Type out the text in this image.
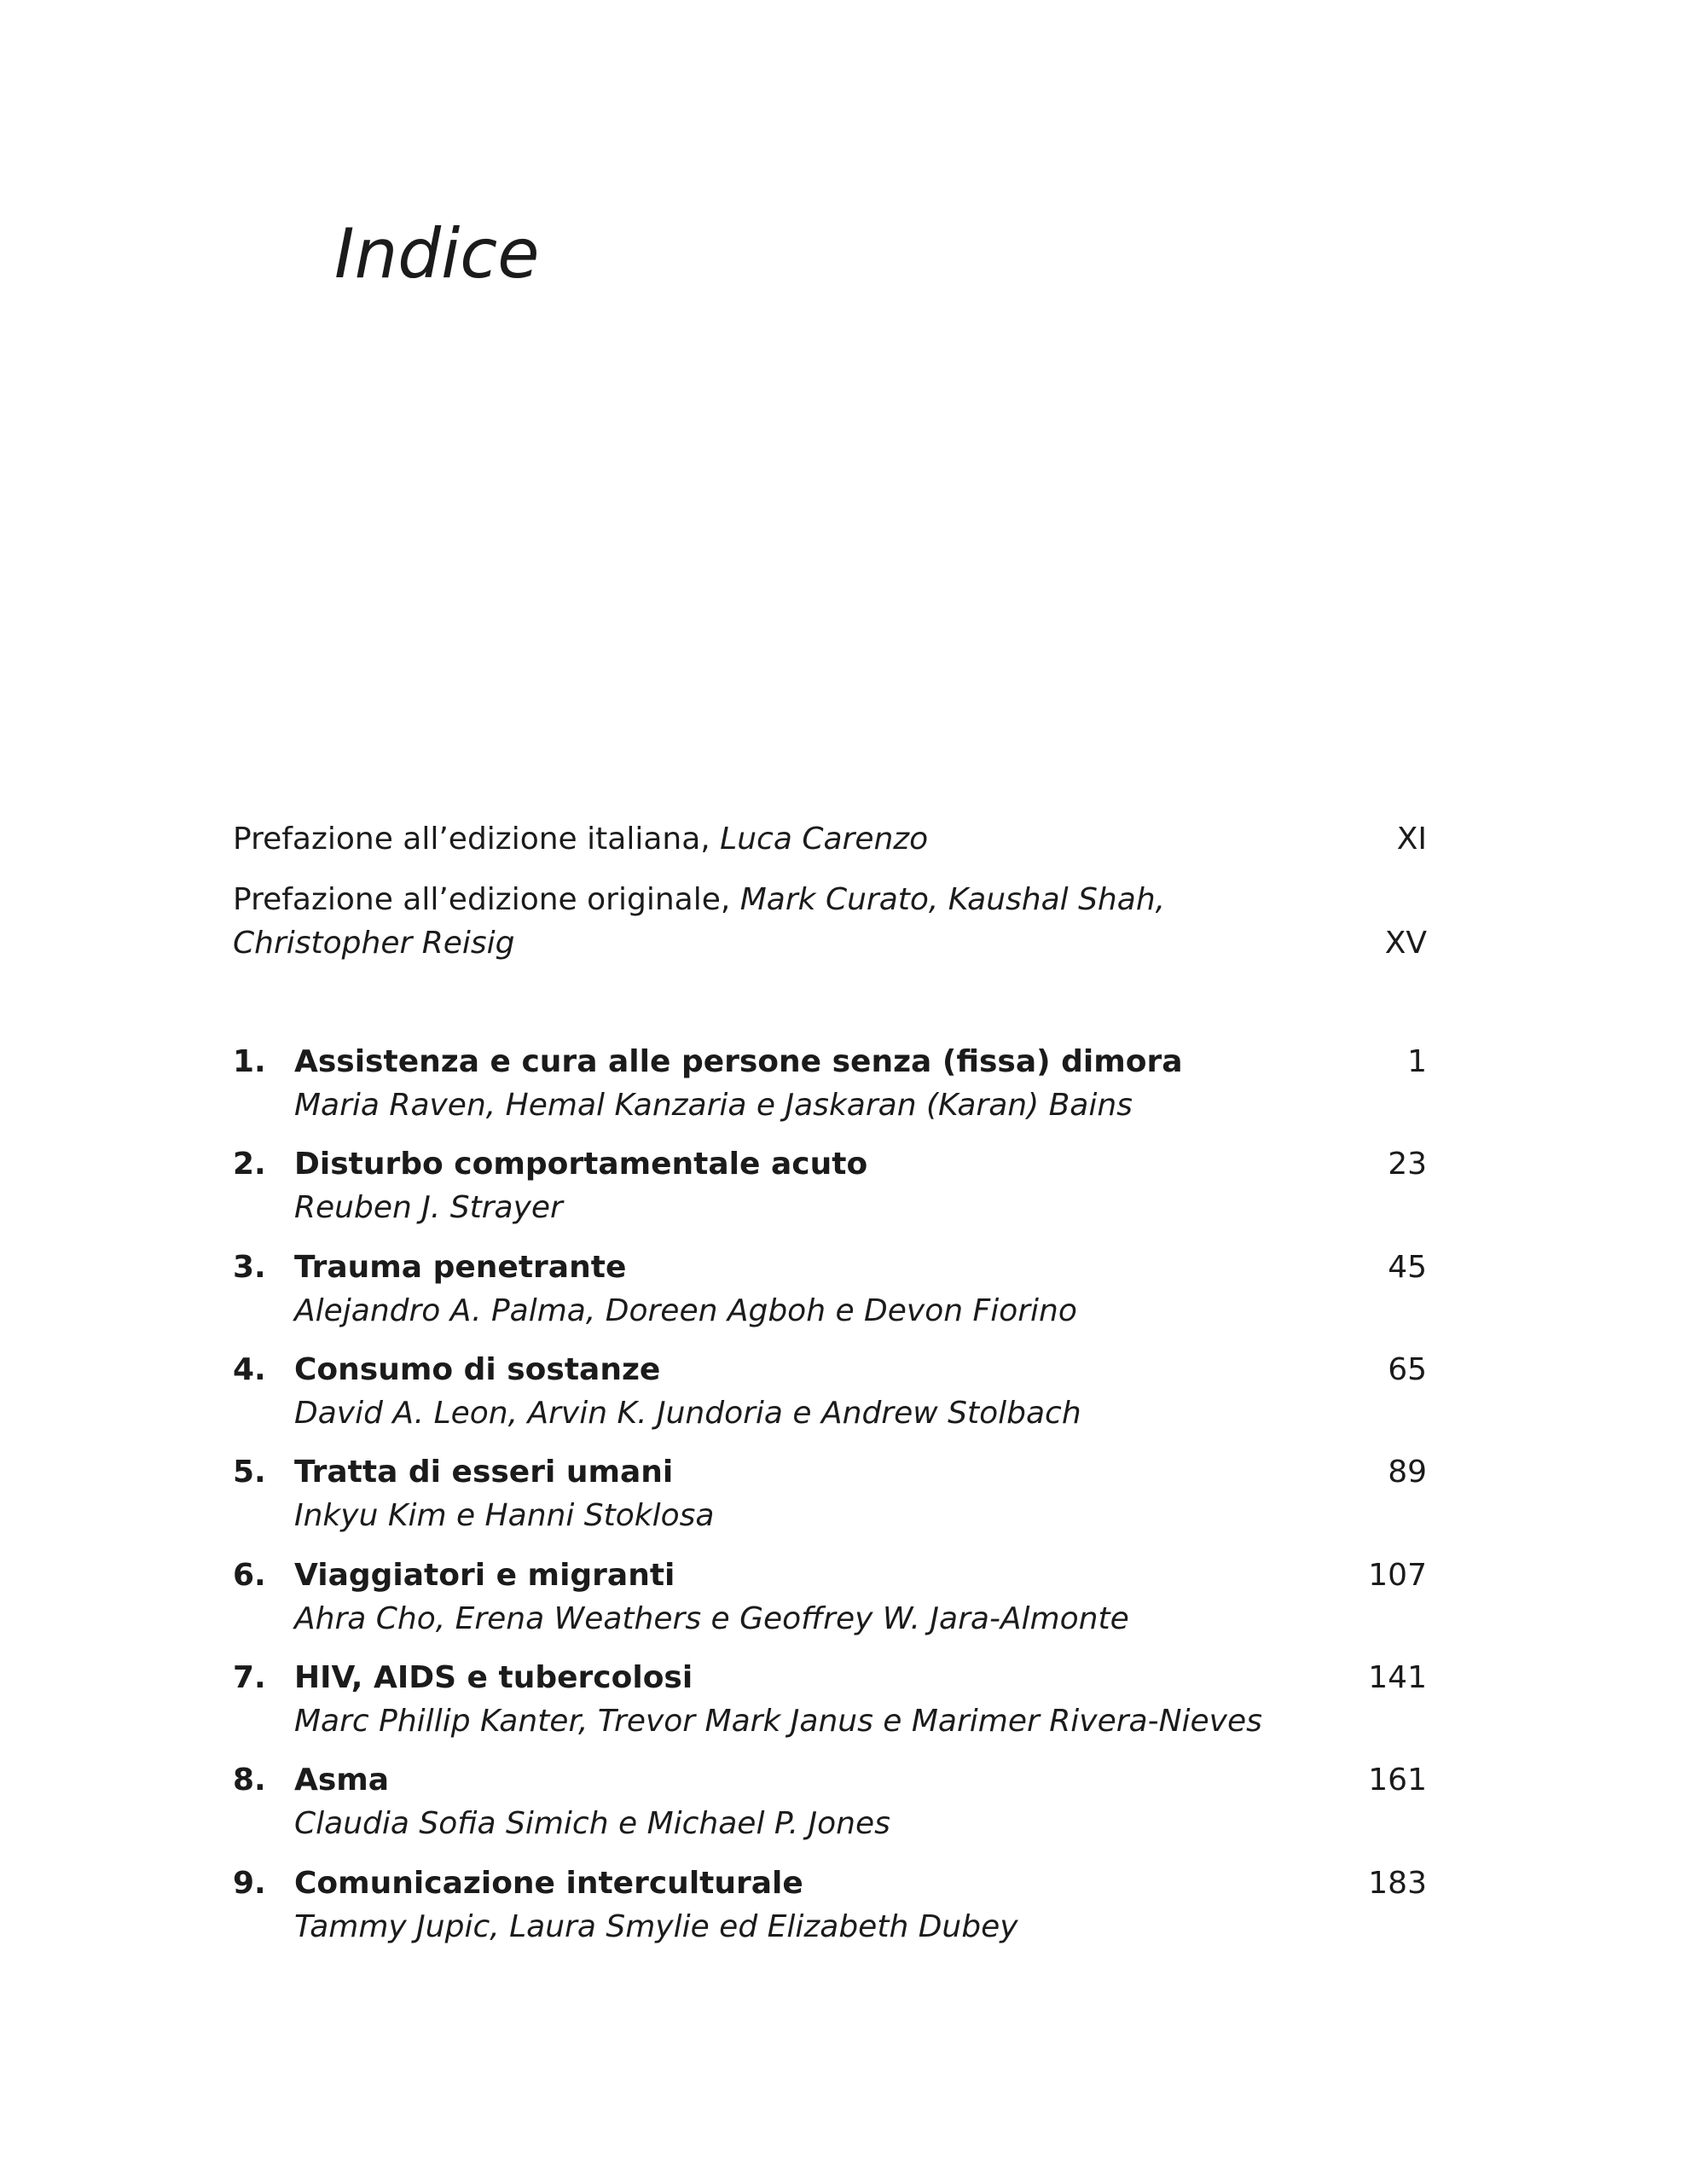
Indice
Prefazione all’edizione italiana, Luca Carenzo	XI
Prefazione all’edizione originale, Mark Curato, Kaushal Shah,
Christopher Reisig	XV
1. Assistenza e cura alle persone senza (fissa) dimora	1
Maria Raven, Hemal Kanzaria e Jaskaran (Karan) Bains
2. Disturbo comportamentale acuto	23
Reuben J. Strayer
3. Trauma penetrante	45
Alejandro A. Palma, Doreen Agboh e Devon Fiorino
4. Consumo di sostanze	65
David A. Leon, Arvin K. Jundoria e Andrew Stolbach
5. Tratta di esseri umani	89
Inkyu Kim e Hanni Stoklosa
6. Viaggiatori e migranti	107
Ahra Cho, Erena Weathers e Geoffrey W. Jara-Almonte
7. HIV, AIDS e tubercolosi	141
Marc Phillip Kanter, Trevor Mark Janus e Marimer Rivera-Nieves
8. Asma	161
Claudia Sofia Simich e Michael P. Jones
9. Comunicazione interculturale	183
Tammy Jupic, Laura Smylie ed Elizabeth Dubey
